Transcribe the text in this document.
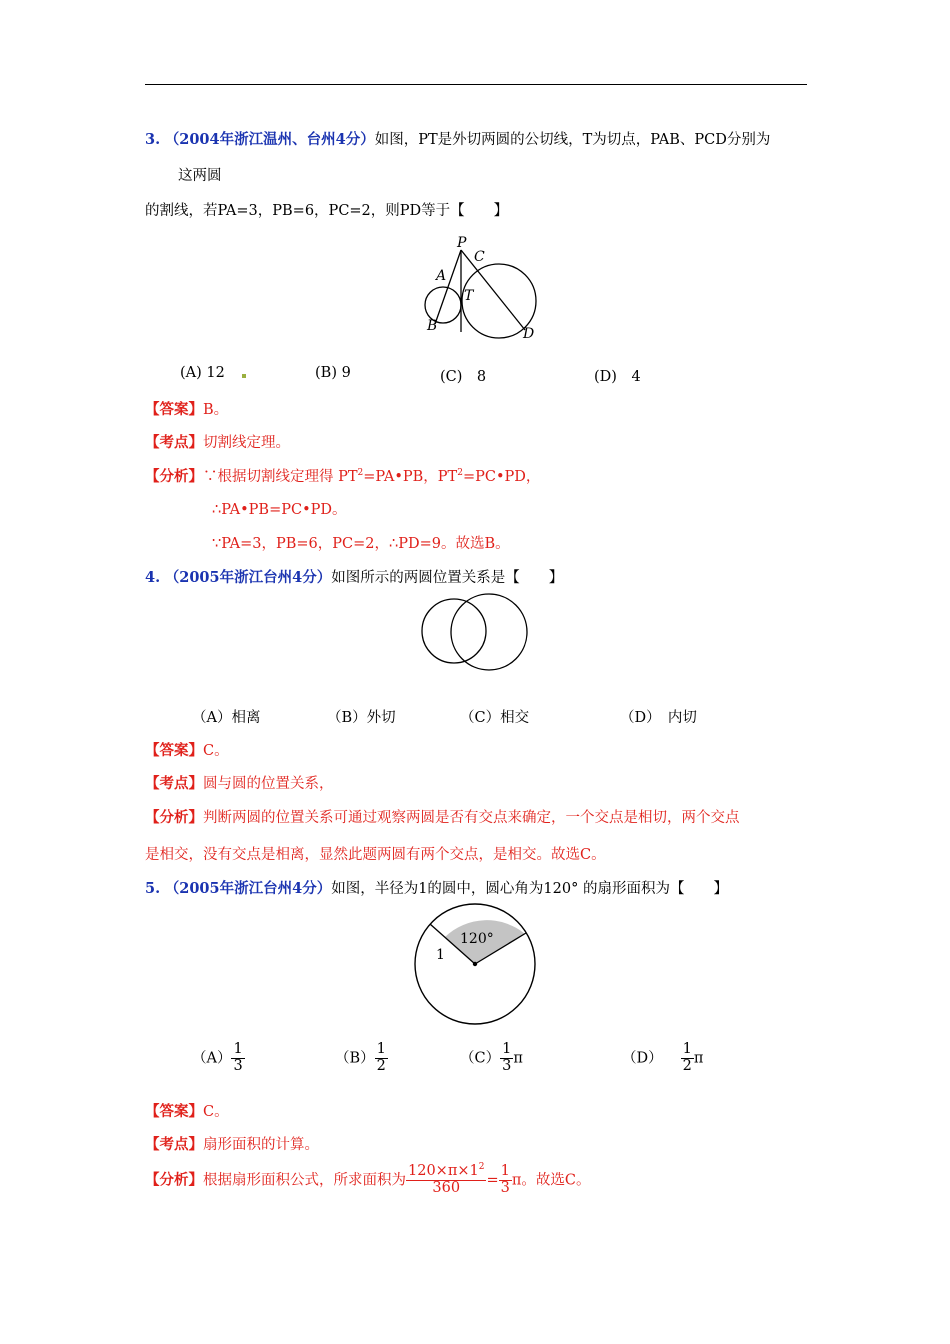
3. （2004年浙江温州、台州4分）如图，PT是外切两圆的公切线，T为切点，PAB、PCD分别为
这两圆
的割线，若PA=3，PB=6，PC=2，则PD等于【　　】
P
A
C
T
B	D
(A) 12	(B) 9	(C)　8	(D)　4
【答案】B。
【考点】切割线定理。
【分析】∵根据切割线定理得 $PT^2=PA•PB$，$PT^2=PC•PD$，
∴PA•PB=PC•PD。
∵PA=3，PB=6，PC=2，∴PD=9。故选B。
4. （2005年浙江台州4分）如图所示的两圆位置关系是【　　】
（A）相离	（B）外切	（C）相交	（D）　内切
【答案】C。
【考点】圆与圆的位置关系，
【分析】判断两圆的位置关系可通过观察两圆是否有交点来确定，一个交点是相切，两个交点
是相交，没有交点是相离，显然此题两圆有两个交点，是相交。故选C。
5. （2005年浙江台州4分）如图，半径为1的圆中，圆心角为120° 的扇形面积为【　　】
120°
1
$(A) \frac{1}{3}$	$(B) \frac{1}{2}$	$(C) \frac{1}{3}$ π	$(D) \frac{1}{2}$ π
【答案】C。
【考点】扇形面积的计算。
【分析】根据扇形面积公式，所求面积为 $\frac{120\times\pi\times 1^2}{360} = \frac{1}{3}$ π。故选C。
